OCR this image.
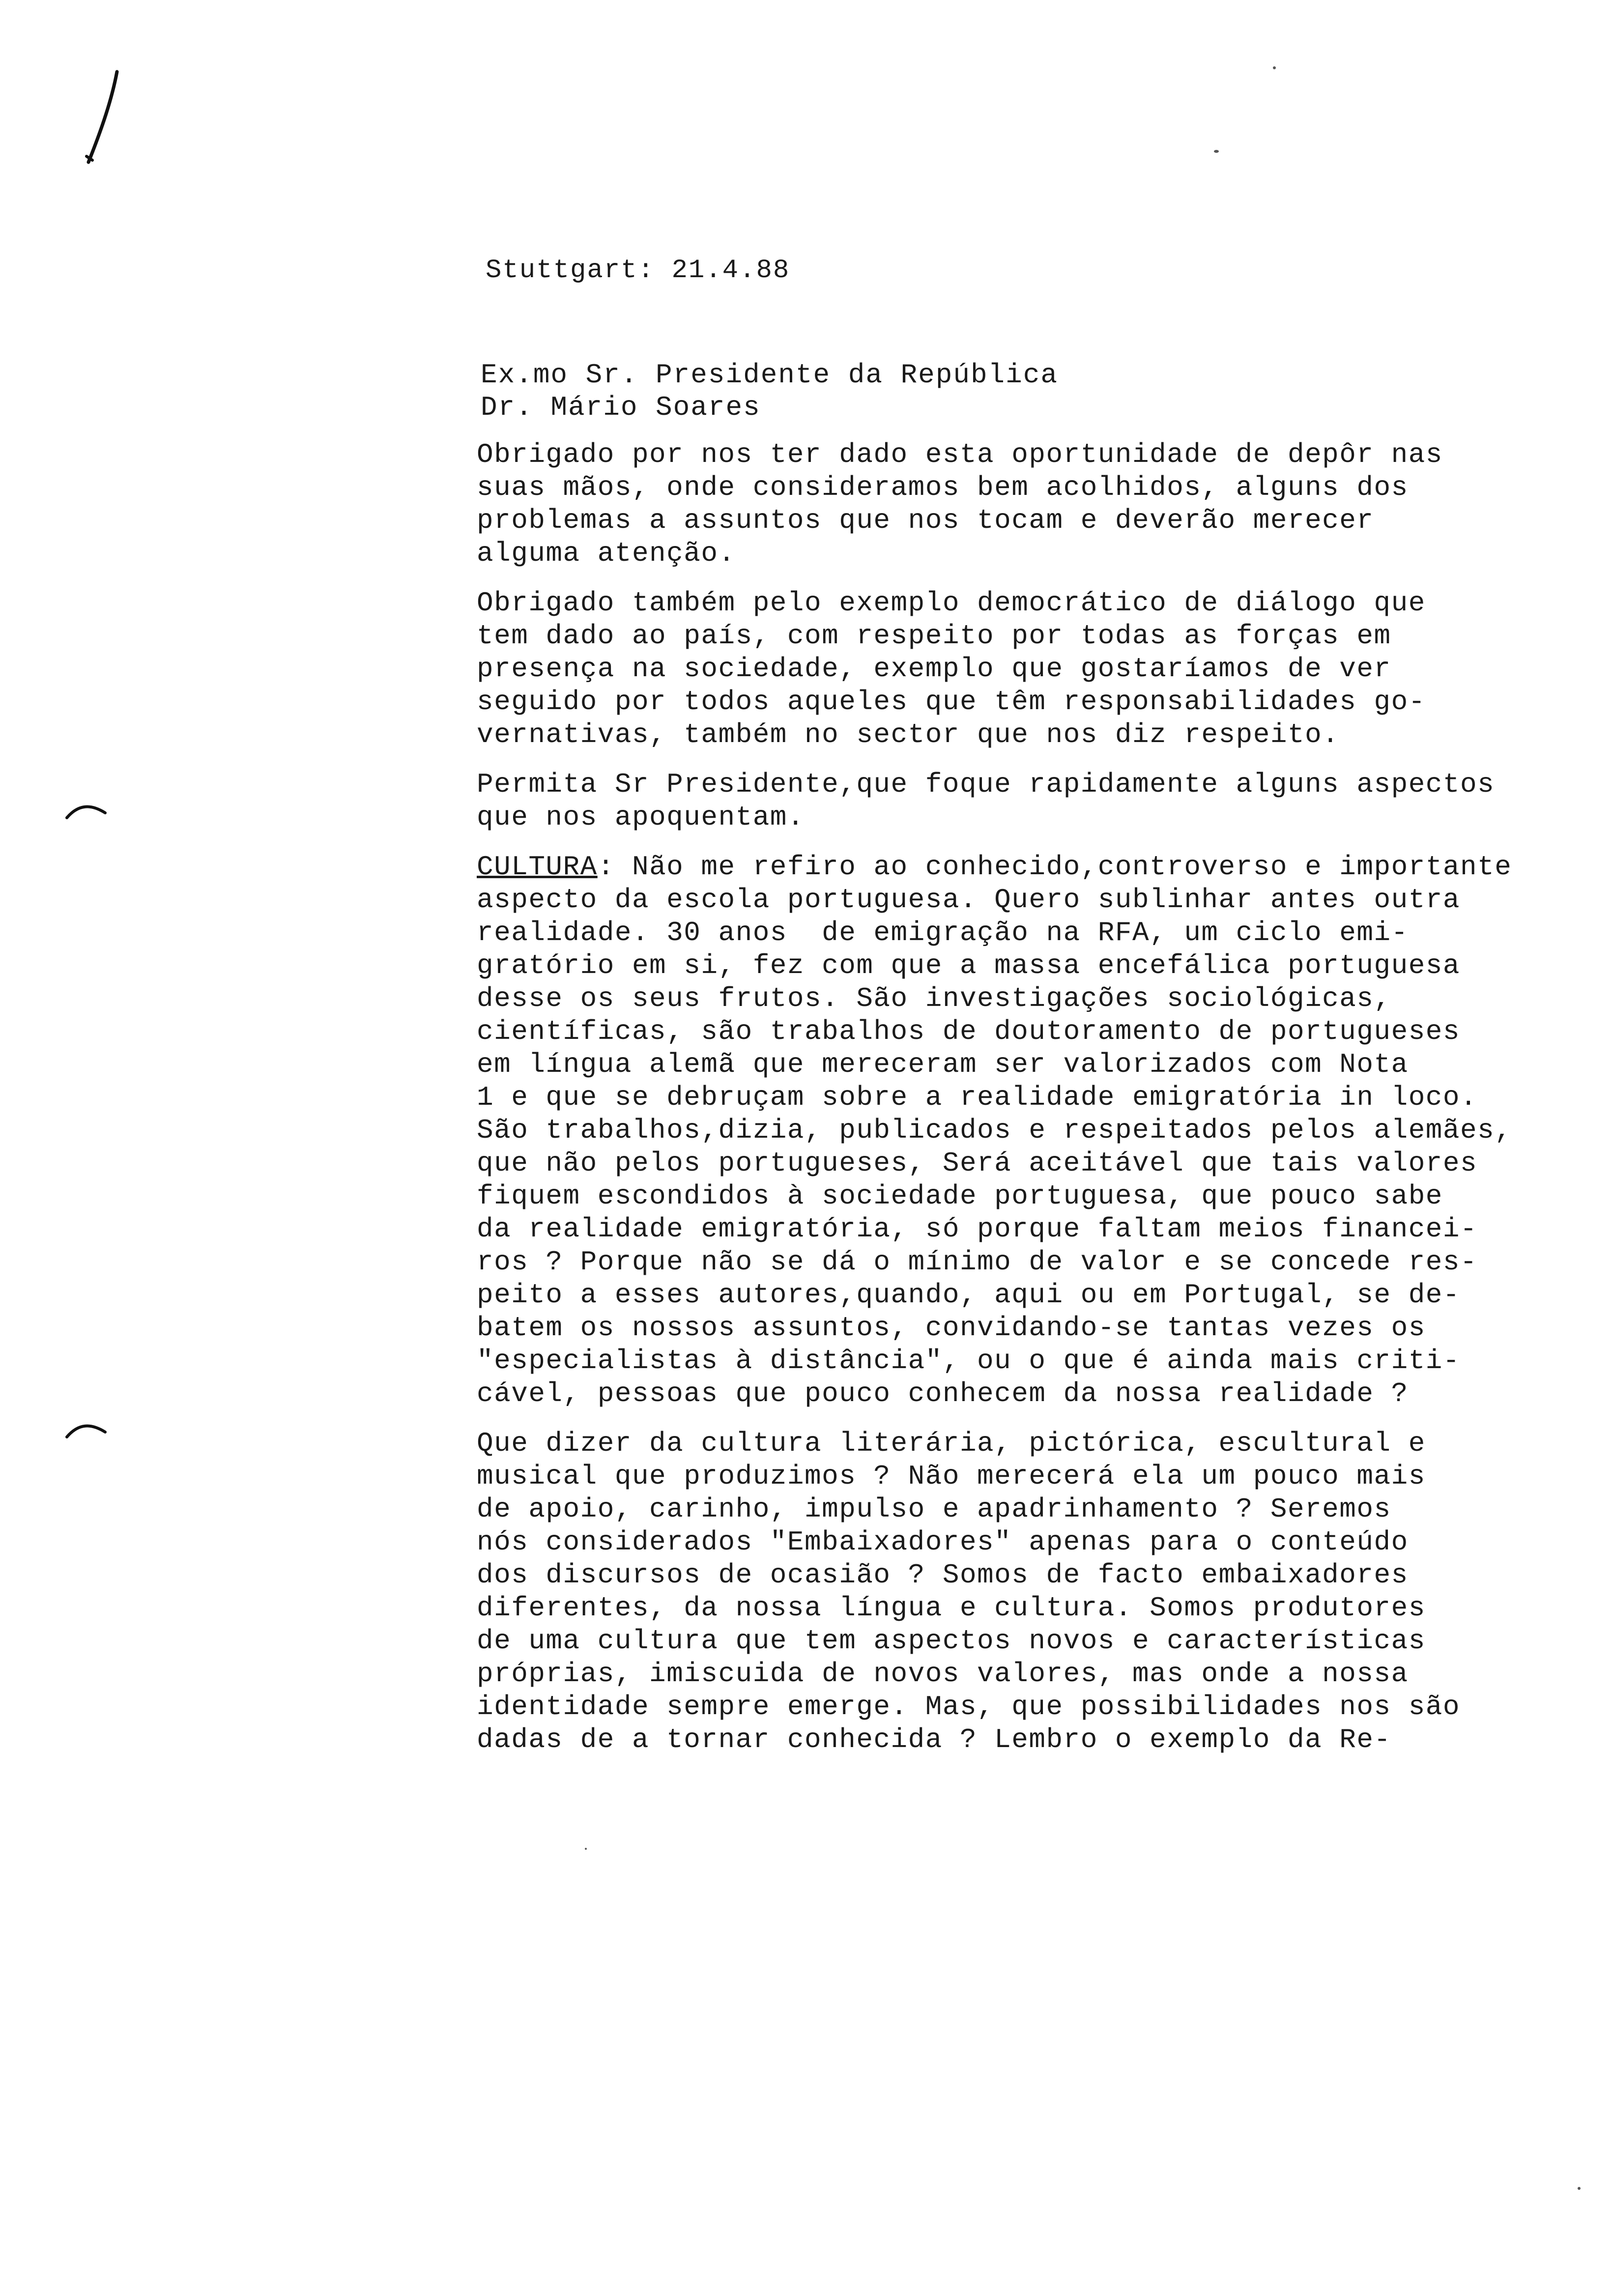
Stuttgart: 21.4.88
Ex.mo Sr. Presidente da República
Dr. Mário Soares
Obrigado por nos ter dado esta oportunidade de depôr nas
suas mãos, onde consideramos bem acolhidos, alguns dos
problemas a assuntos que nos tocam e deverão merecer
alguma atenção.
Obrigado também pelo exemplo democrático de diálogo que
tem dado ao país, com respeito por todas as forças em
presença na sociedade, exemplo que gostaríamos de ver
seguido por todos aqueles que têm responsabilidades go-
vernativas, também no sector que nos diz respeito.
Permita Sr Presidente,que foque rapidamente alguns aspectos
que nos apoquentam.
CULTURA: Não me refiro ao conhecido,controverso e importante
aspecto da escola portuguesa. Quero sublinhar antes outra
realidade. 30 anos  de emigração na RFA, um ciclo emi-
gratório em si, fez com que a massa encefálica portuguesa
desse os seus frutos. São investigações sociológicas,
científicas, são trabalhos de doutoramento de portugueses
em língua alemã que mereceram ser valorizados com Nota
1 e que se debruçam sobre a realidade emigratória in loco.
São trabalhos,dizia, publicados e respeitados pelos alemães,
que não pelos portugueses, Será aceitável que tais valores
fiquem escondidos à sociedade portuguesa, que pouco sabe
da realidade emigratória, só porque faltam meios financei-
ros ? Porque não se dá o mínimo de valor e se concede res-
peito a esses autores,quando, aqui ou em Portugal, se de-
batem os nossos assuntos, convidando-se tantas vezes os
"especialistas à distância", ou o que é ainda mais criti-
cável, pessoas que pouco conhecem da nossa realidade ?
Que dizer da cultura literária, pictórica, escultural e
musical que produzimos ? Não merecerá ela um pouco mais
de apoio, carinho, impulso e apadrinhamento ? Seremos
nós considerados "Embaixadores" apenas para o conteúdo
dos discursos de ocasião ? Somos de facto embaixadores
diferentes, da nossa língua e cultura. Somos produtores
de uma cultura que tem aspectos novos e características
próprias, imiscuida de novos valores, mas onde a nossa
identidade sempre emerge. Mas, que possibilidades nos são
dadas de a tornar conhecida ? Lembro o exemplo da Re-
